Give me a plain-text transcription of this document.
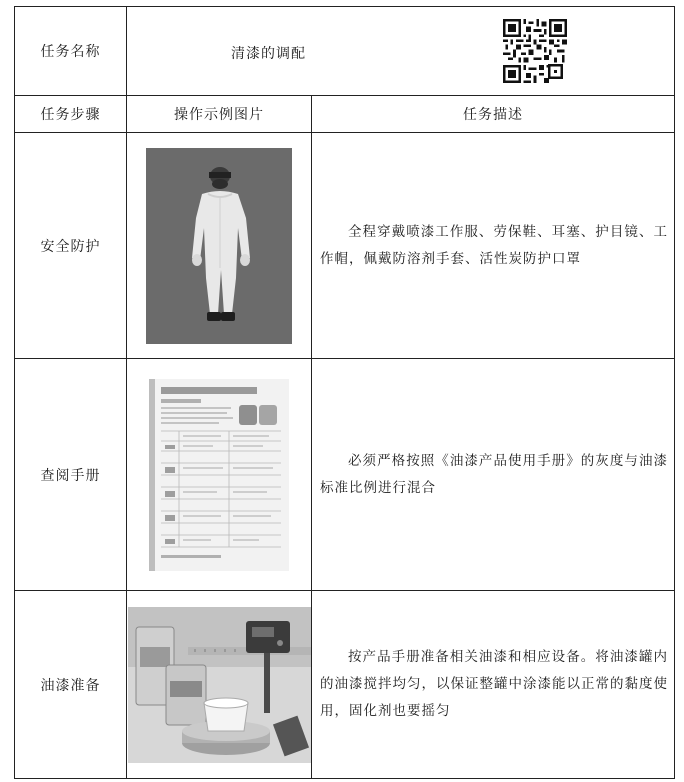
任务名称	清漆的调配	

任务步骤	操作示例图片	任务描述
安全防护		全程穿戴喷漆工作服、劳保鞋、耳塞、护目镜、工作帽，佩戴防溶剂手套、活性炭防护口罩

查阅手册		必须严格按照《油漆产品使用手册》的灰度与油漆标准比例进行混合

油漆准备		按产品手册准备相关油漆和相应设备。将油漆罐内的油漆搅拌均匀，以保证整罐中涂漆能以正常的黏度使用，固化剂也要摇匀
